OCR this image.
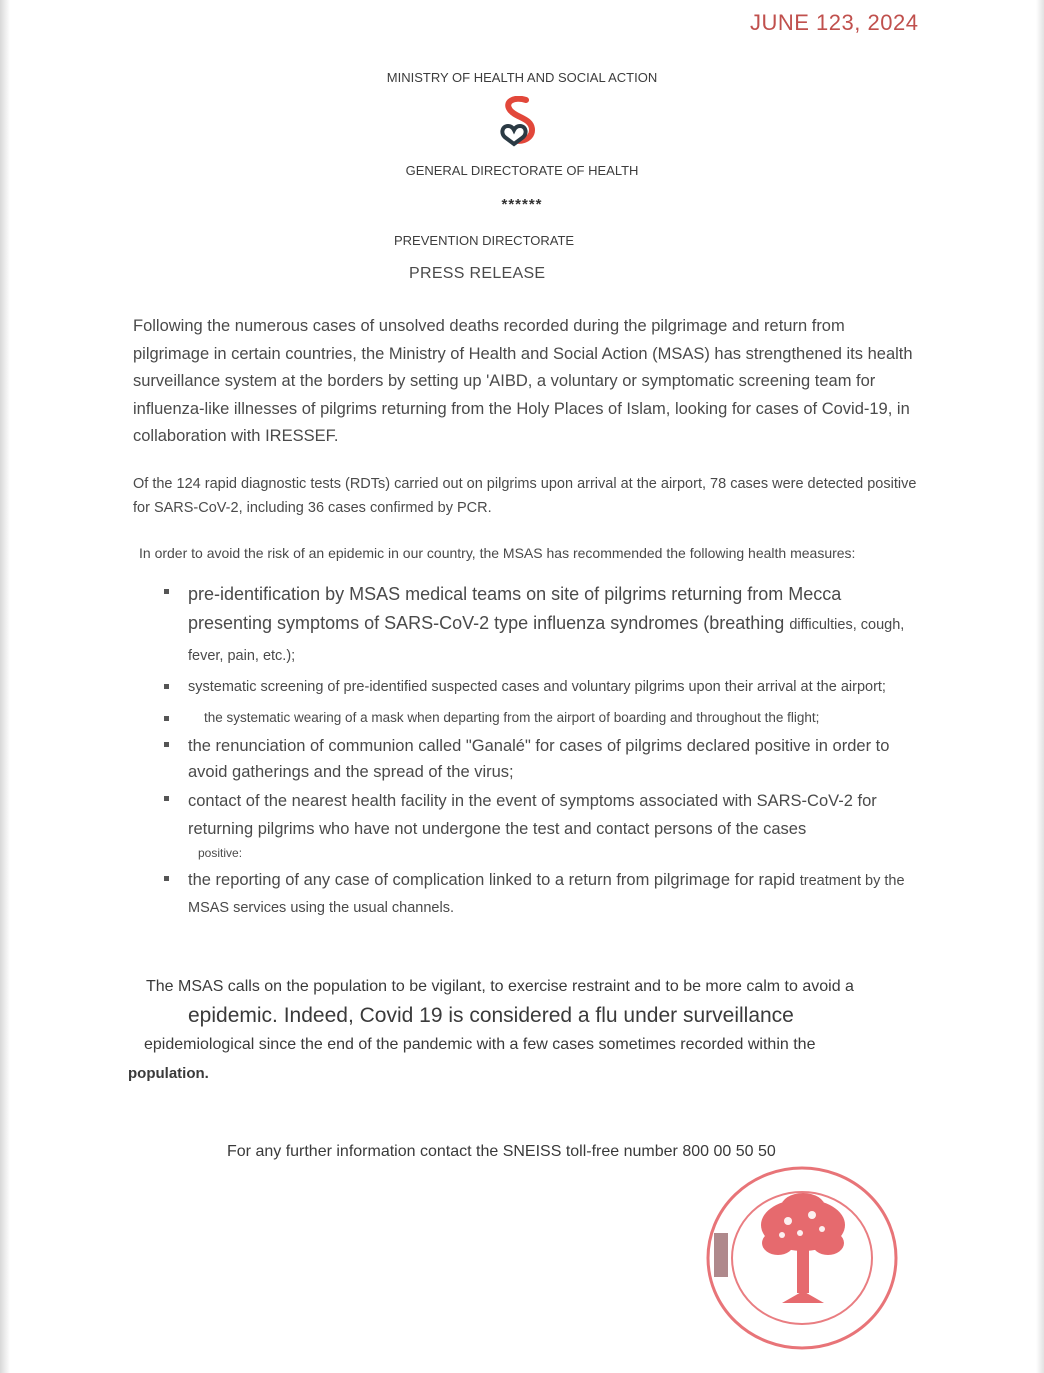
JUNE 123, 2024
MINISTRY OF HEALTH AND SOCIAL ACTION
GENERAL DIRECTORATE OF HEALTH
******
PREVENTION DIRECTORATE
PRESS RELEASE
Following the numerous cases of unsolved deaths recorded during the pilgrimage and return from pilgrimage in certain countries, the Ministry of Health and Social Action (MSAS) has strengthened its health surveillance system at the borders by setting up 'AIBD, a voluntary or symptomatic screening team for influenza-like illnesses of pilgrims returning from the Holy Places of Islam, looking for cases of Covid-19, in collaboration with IRESSEF.
Of the 124 rapid diagnostic tests (RDTs) carried out on pilgrims upon arrival at the airport, 78 cases were detected positive for SARS-CoV-2, including 36 cases confirmed by PCR.
In order to avoid the risk of an epidemic in our country, the MSAS has recommended the following health measures:
pre-identification by MSAS medical teams on site of pilgrims returning from Mecca presenting symptoms of SARS-CoV-2 type influenza syndromes (breathing difficulties, cough, fever, pain, etc.);
systematic screening of pre-identified suspected cases and voluntary pilgrims upon their arrival at the airport;
the systematic wearing of a mask when departing from the airport of boarding and throughout the flight;
the renunciation of communion called "Ganalé" for cases of pilgrims declared positive in order to avoid gatherings and the spread of the virus;
contact of the nearest health facility in the event of symptoms associated with SARS-CoV-2 for returning pilgrims who have not undergone the test and contact persons of the cases
positive:
the reporting of any case of complication linked to a return from pilgrimage for rapid treatment by the MSAS services using the usual channels.
The MSAS calls on the population to be vigilant, to exercise restraint and to be more calm to avoid a
epidemic. Indeed, Covid 19 is considered a flu under surveillance
epidemiological since the end of the pandemic with a few cases sometimes recorded within the
population.
For any further information contact the SNEISS toll-free number 800 00 50 50
